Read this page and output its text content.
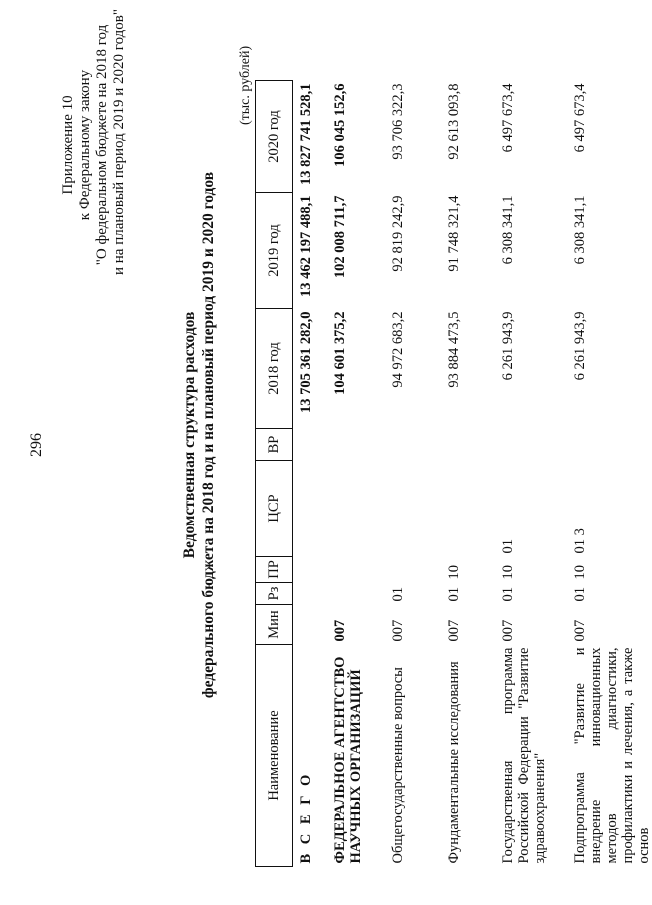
296
Приложение 10 к Федеральному закону "О федеральном бюджете на 2018 год и на плановый период 2019 и 2020 годов"
Ведомственная структура расходов федерального бюджета на 2018 год и на плановый период 2019 и 2020 годов
(тыс. рублей)
Наименование	Мин	Рз	ПР	ЦСР	ВР	2018 год	2019 год	2020 год
В С Е Г О						13 705 361 282,0	13 462 197 488,1	13 827 741 528,1
ФЕДЕРАЛЬНОЕ АГЕНТСТВО НАУЧНЫХ ОРГАНИЗАЦИЙ	007					104 601 375,2	102 008 711,7	106 045 152,6
Общегосударственные вопросы	007	01				94 972 683,2	92 819 242,9	93 706 322,3
Фундаментальные исследования	007	01	10			93 884 473,5	91 748 321,4	92 613 093,8
Государственная программа Российской Федерации "Развитие здравоохранения"	007	01	10	01		6 261 943,9	6 308 341,1	6 497 673,4
Подпрограмма "Развитие и внедрение инновационных методов диагностики, профилактики и лечения, а также основ	007	01	10	01 3		6 261 943,9	6 308 341,1	6 497 673,4
